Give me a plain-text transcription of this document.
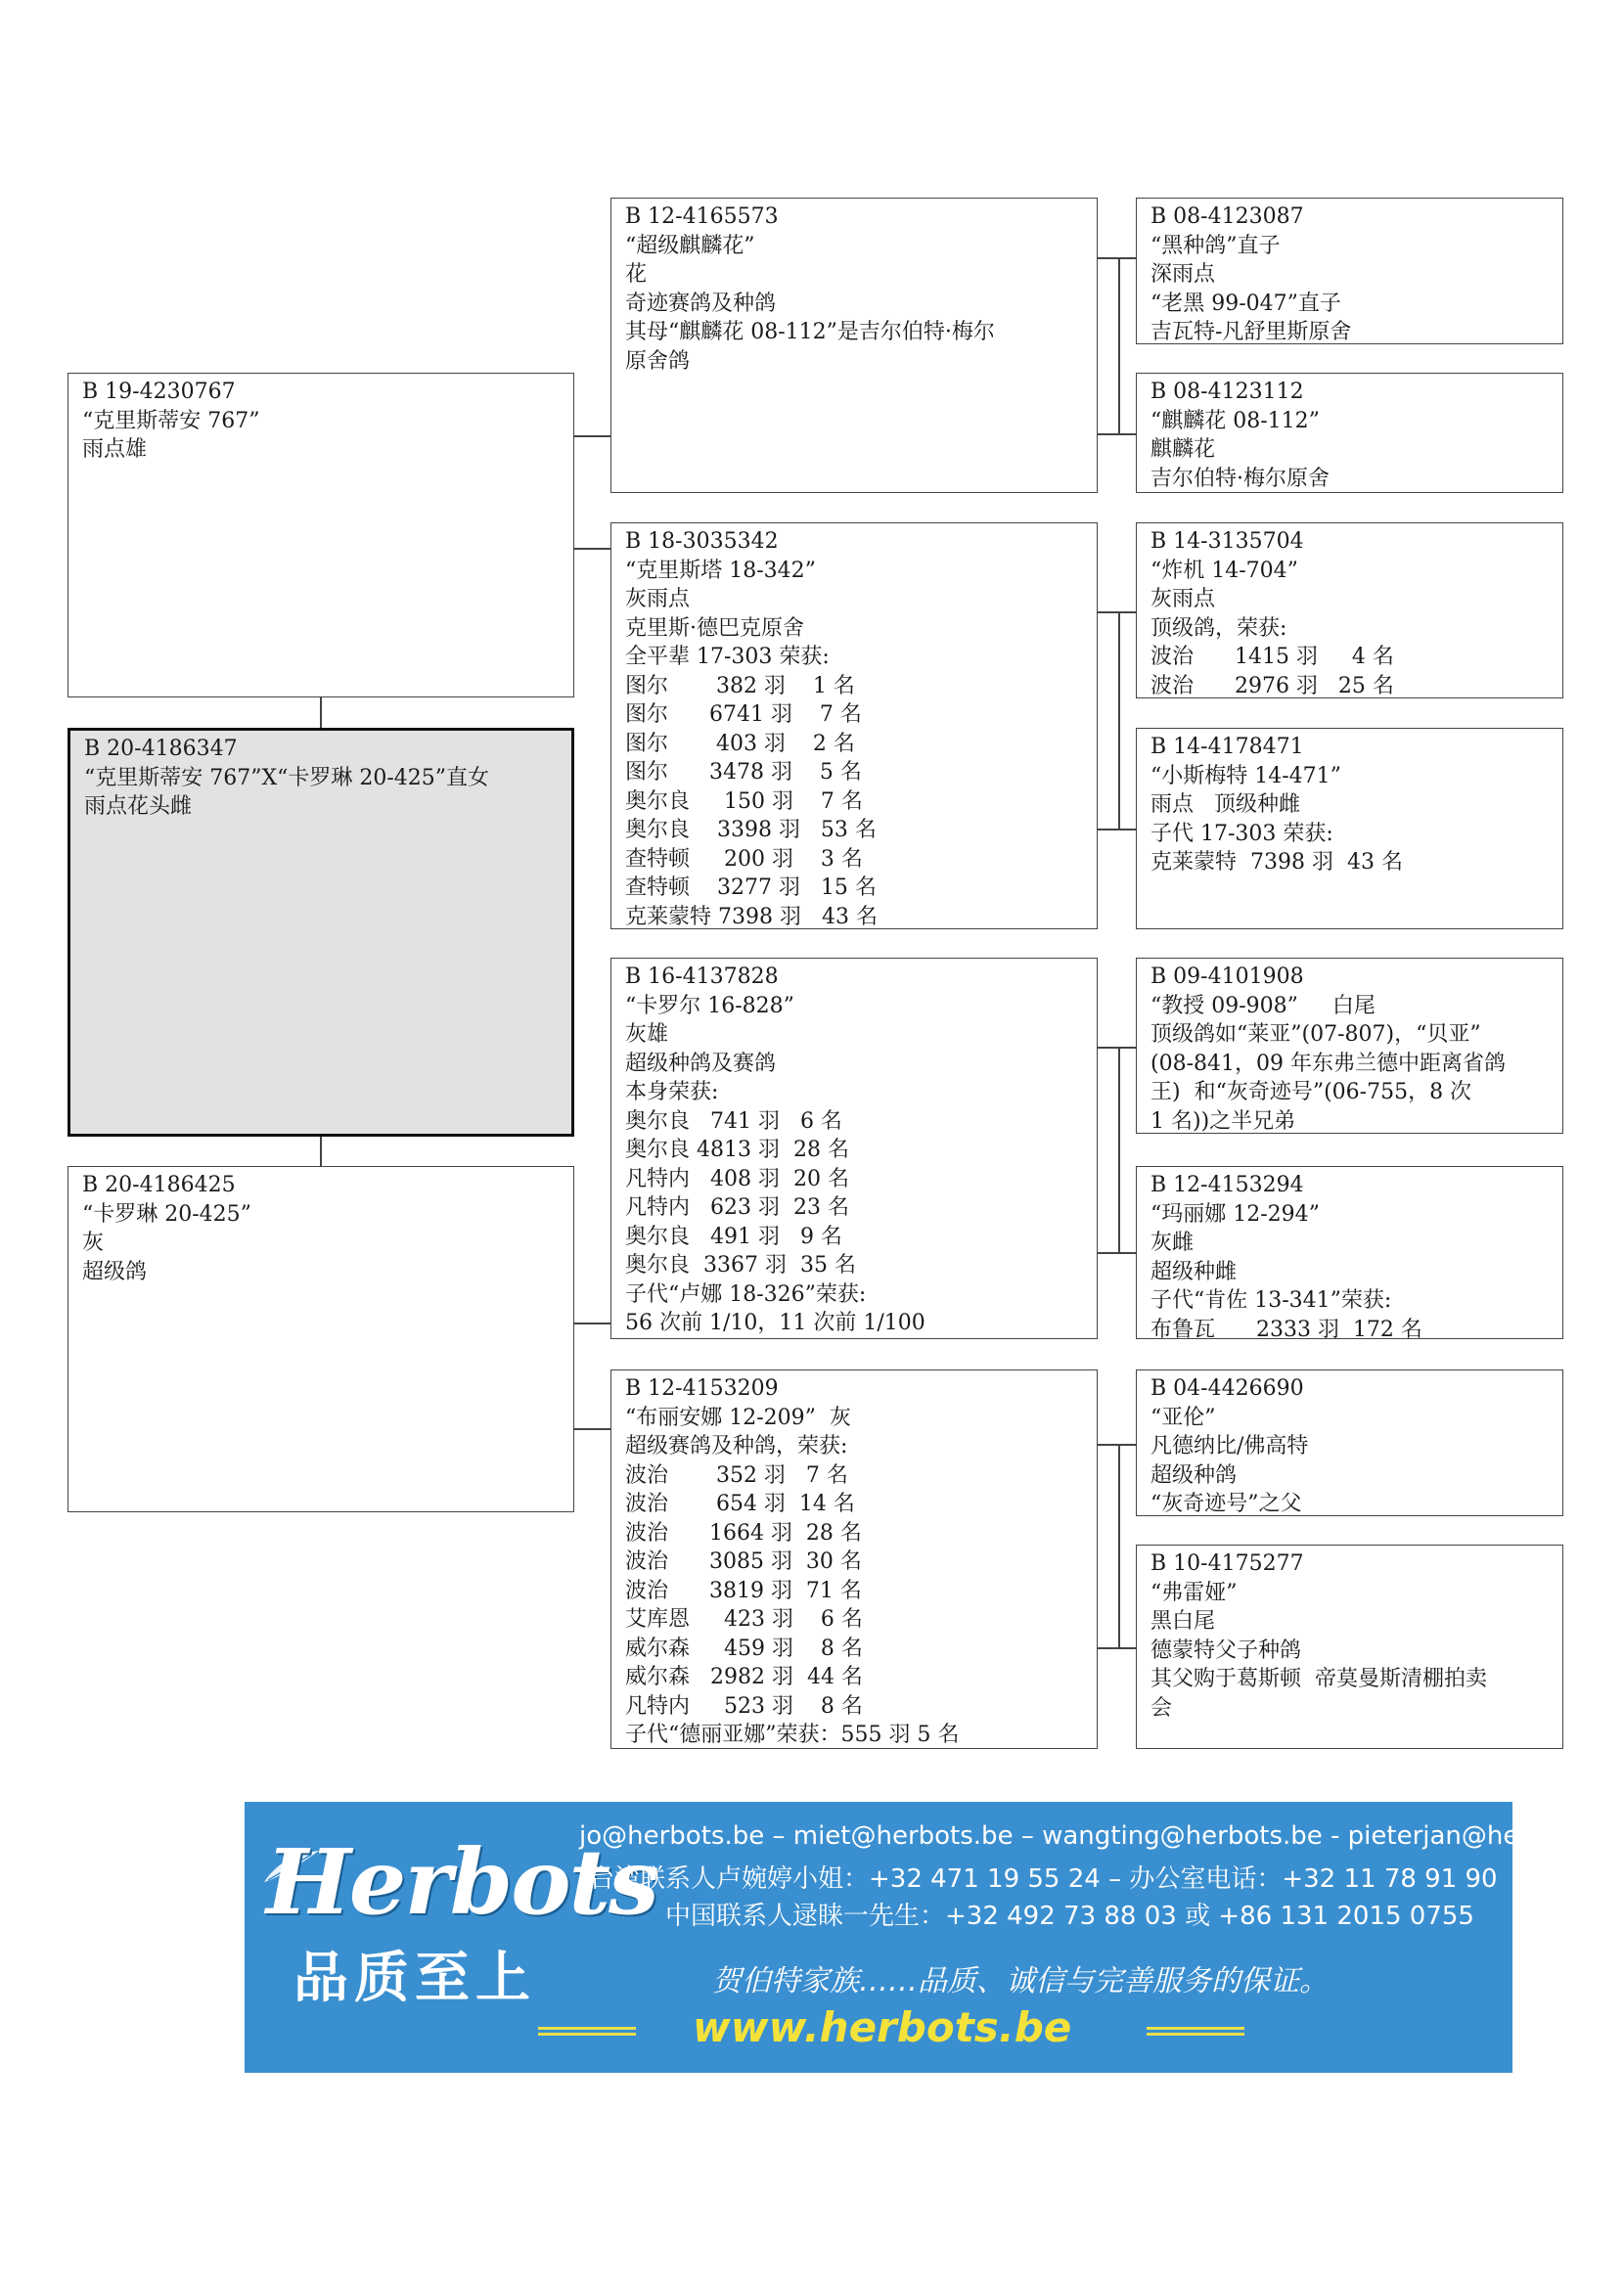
B 19-4230767
“克里斯蒂安 767”
雨点雄
B 20-4186347
“克里斯蒂安 767”X“卡罗琳 20-425”直女
雨点花头雌
B 20-4186425
“卡罗琳 20-425”
灰
超级鸽
B 12-4165573
“超级麒麟花”
花
奇迹赛鸽及种鸽
其母“麒麟花 08-112”是吉尔伯特·梅尔
原舍鸽
B 18-3035342
“克里斯塔 18-342”
灰雨点
克里斯·德巴克原舍
全平辈 17-303 荣获:
图尔       382 羽    1 名
图尔      6741 羽    7 名
图尔       403 羽    2 名
图尔      3478 羽    5 名
奥尔良     150 羽    7 名
奥尔良    3398 羽   53 名
查特顿     200 羽    3 名
查特顿    3277 羽   15 名
克莱蒙特 7398 羽   43 名
B 16-4137828
“卡罗尔 16-828”
灰雄
超级种鸽及赛鸽
本身荣获:
奥尔良   741 羽   6 名
奥尔良 4813 羽  28 名
凡特内   408 羽  20 名
凡特内   623 羽  23 名
奥尔良   491 羽   9 名
奥尔良  3367 羽  35 名
子代“卢娜 18-326”荣获:
56 次前 1/10，11 次前 1/100
B 12-4153209
“布丽安娜 12-209”  灰
超级赛鸽及种鸽，荣获:
波治       352 羽   7 名
波治       654 羽  14 名
波治      1664 羽  28 名
波治      3085 羽  30 名
波治      3819 羽  71 名
艾库恩     423 羽    6 名
威尔森     459 羽    8 名
威尔森   2982 羽  44 名
凡特内     523 羽    8 名
子代“德丽亚娜”荣获：555 羽 5 名
B 08-4123087
“黑种鸽”直子
深雨点
“老黑 99-047”直子
吉瓦特-凡舒里斯原舍
B 08-4123112
“麒麟花 08-112”
麒麟花
吉尔伯特·梅尔原舍
B 14-3135704
“炸机 14-704”
灰雨点
顶级鸽，荣获:
波治      1415 羽     4 名
波治      2976 羽   25 名
B 14-4178471
“小斯梅特 14-471”
雨点   顶级种雌
子代 17-303 荣获:
克莱蒙特  7398 羽  43 名
B 09-4101908
“教授 09-908”     白尾
顶级鸽如“莱亚”(07-807)，“贝亚”
(08-841，09 年东弗兰德中距离省鸽
王)  和“灰奇迹号”(06-755，8 次
1 名))之半兄弟
B 12-4153294
“玛丽娜 12-294”
灰雌
超级种雌
子代“肯佐 13-341”荣获:
布鲁瓦      2333 羽  172 名
B 04-4426690
“亚伦”
凡德纳比/佛高特
超级种鸽
“灰奇迹号”之父
B 10-4175277
“弗雷娅”
黑白尾
德蒙特父子种鸽
其父购于葛斯顿  帝莫曼斯清棚拍卖
会
Herbots
品质至上
jo@herbots.be – miet@herbots.be – wangting@herbots.be - pieterjan@herbots.be
台湾联系人卢婉婷小姐：+32 471 19 55 24 – 办公室电话：+32 11 78 91 90
中国联系人逯睐一先生：+32 492 73 88 03 或 +86 131 2015 0755
贺伯特家族……品质、诚信与完善服务的保证。
www.herbots.be
